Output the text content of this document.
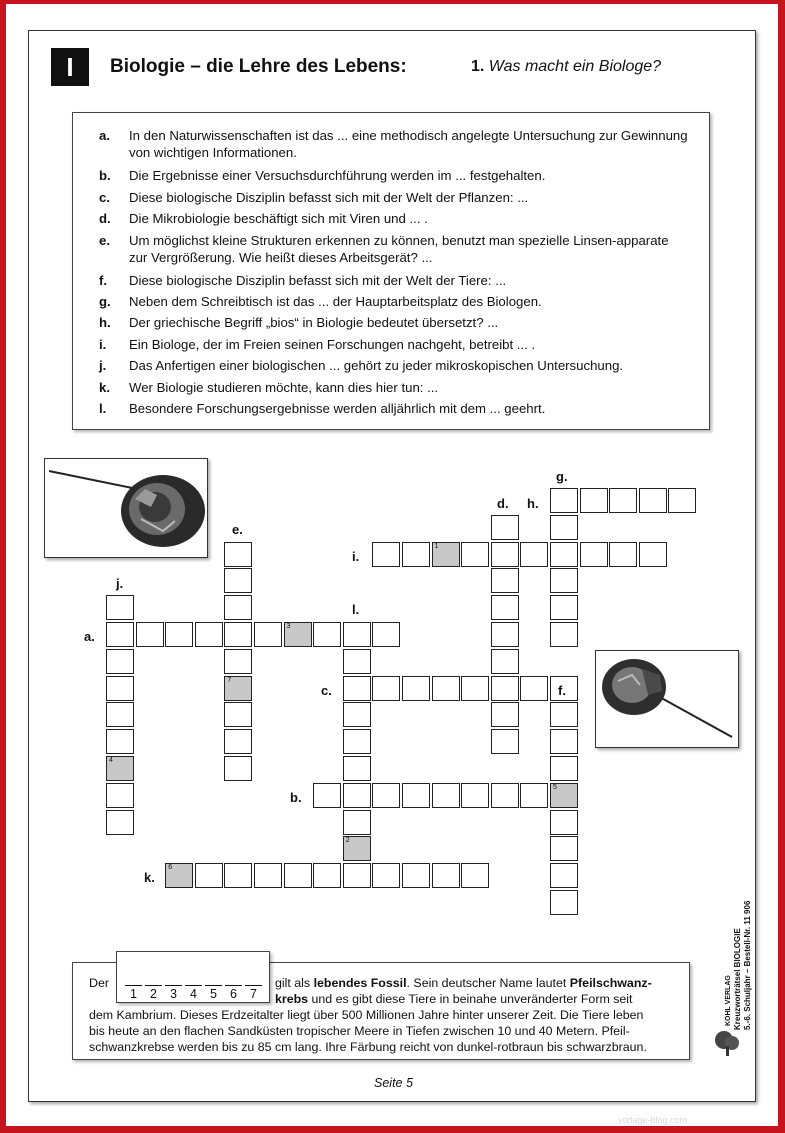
I	Biologie – die Lehre des Lebens:	1. Was macht ein Biologe?
a.	In den Naturwissenschaften ist das ... eine methodisch angelegte Untersuchung zur Gewinnung von wichtigen Informationen.
b.	Die Ergebnisse einer Versuchsdurchführung werden im ... festgehalten.
c.	Diese biologische Disziplin befasst sich mit der Welt der Pflanzen: ...
d.	Die Mikrobiologie beschäftigt sich mit Viren und ... .
e.	Um möglichst kleine Strukturen erkennen zu können, benutzt man spezielle Linsen-apparate zur Vergrößerung. Wie heißt dieses Arbeitsgerät? ...
f.	Diese biologische Disziplin befasst sich mit der Welt der Tiere: ...
g.	Neben dem Schreibtisch ist das ... der Hauptarbeitsplatz des Biologen.
h.	Der griechische Begriff „bios“ in Biologie bedeutet übersetzt? ...
i.	Ein Biologe, der im Freien seinen Forschungen nachgeht, betreibt ... .
j.	Das Anfertigen einer biologischen ... gehört zu jeder mikroskopischen Untersuchung.
k.	Wer Biologie studieren möchte, kann dies hier tun: ...
l.	Besondere Forschungsergebnisse werden alljährlich mit dem ... geehrt.
1
3
5
6
7
4
2
g.
d. h.
e.
i.
j.
l.
a.
c.	f.
b.
k.
Der	gilt als lebendes Fossil. Sein deutscher Name lautet Pfeilschwanz-
krebs und es gibt diese Tiere in beinahe unveränderter Form seit
dem Kambrium. Dieses Erdzeitalter liegt über 500 Millionen Jahre hinter unserer Zeit. Die Tiere leben
bis heute an den flachen Sandküsten tropischer Meere in Tiefen zwischen 10 und 40 Metern. Pfeil-
schwanzkrebse werden bis zu 85 cm lang. Ihre Färbung reicht von dunkel-rotbraun bis schwarzbraun.
1	2	3	4	5	6	7	Kreuzworträtsel BIOLOGIE 5.-6. Schuljahr – Bestell-Nr. 11 906
KOHL VERLAG
Seite 5
vorlage-blog.com
